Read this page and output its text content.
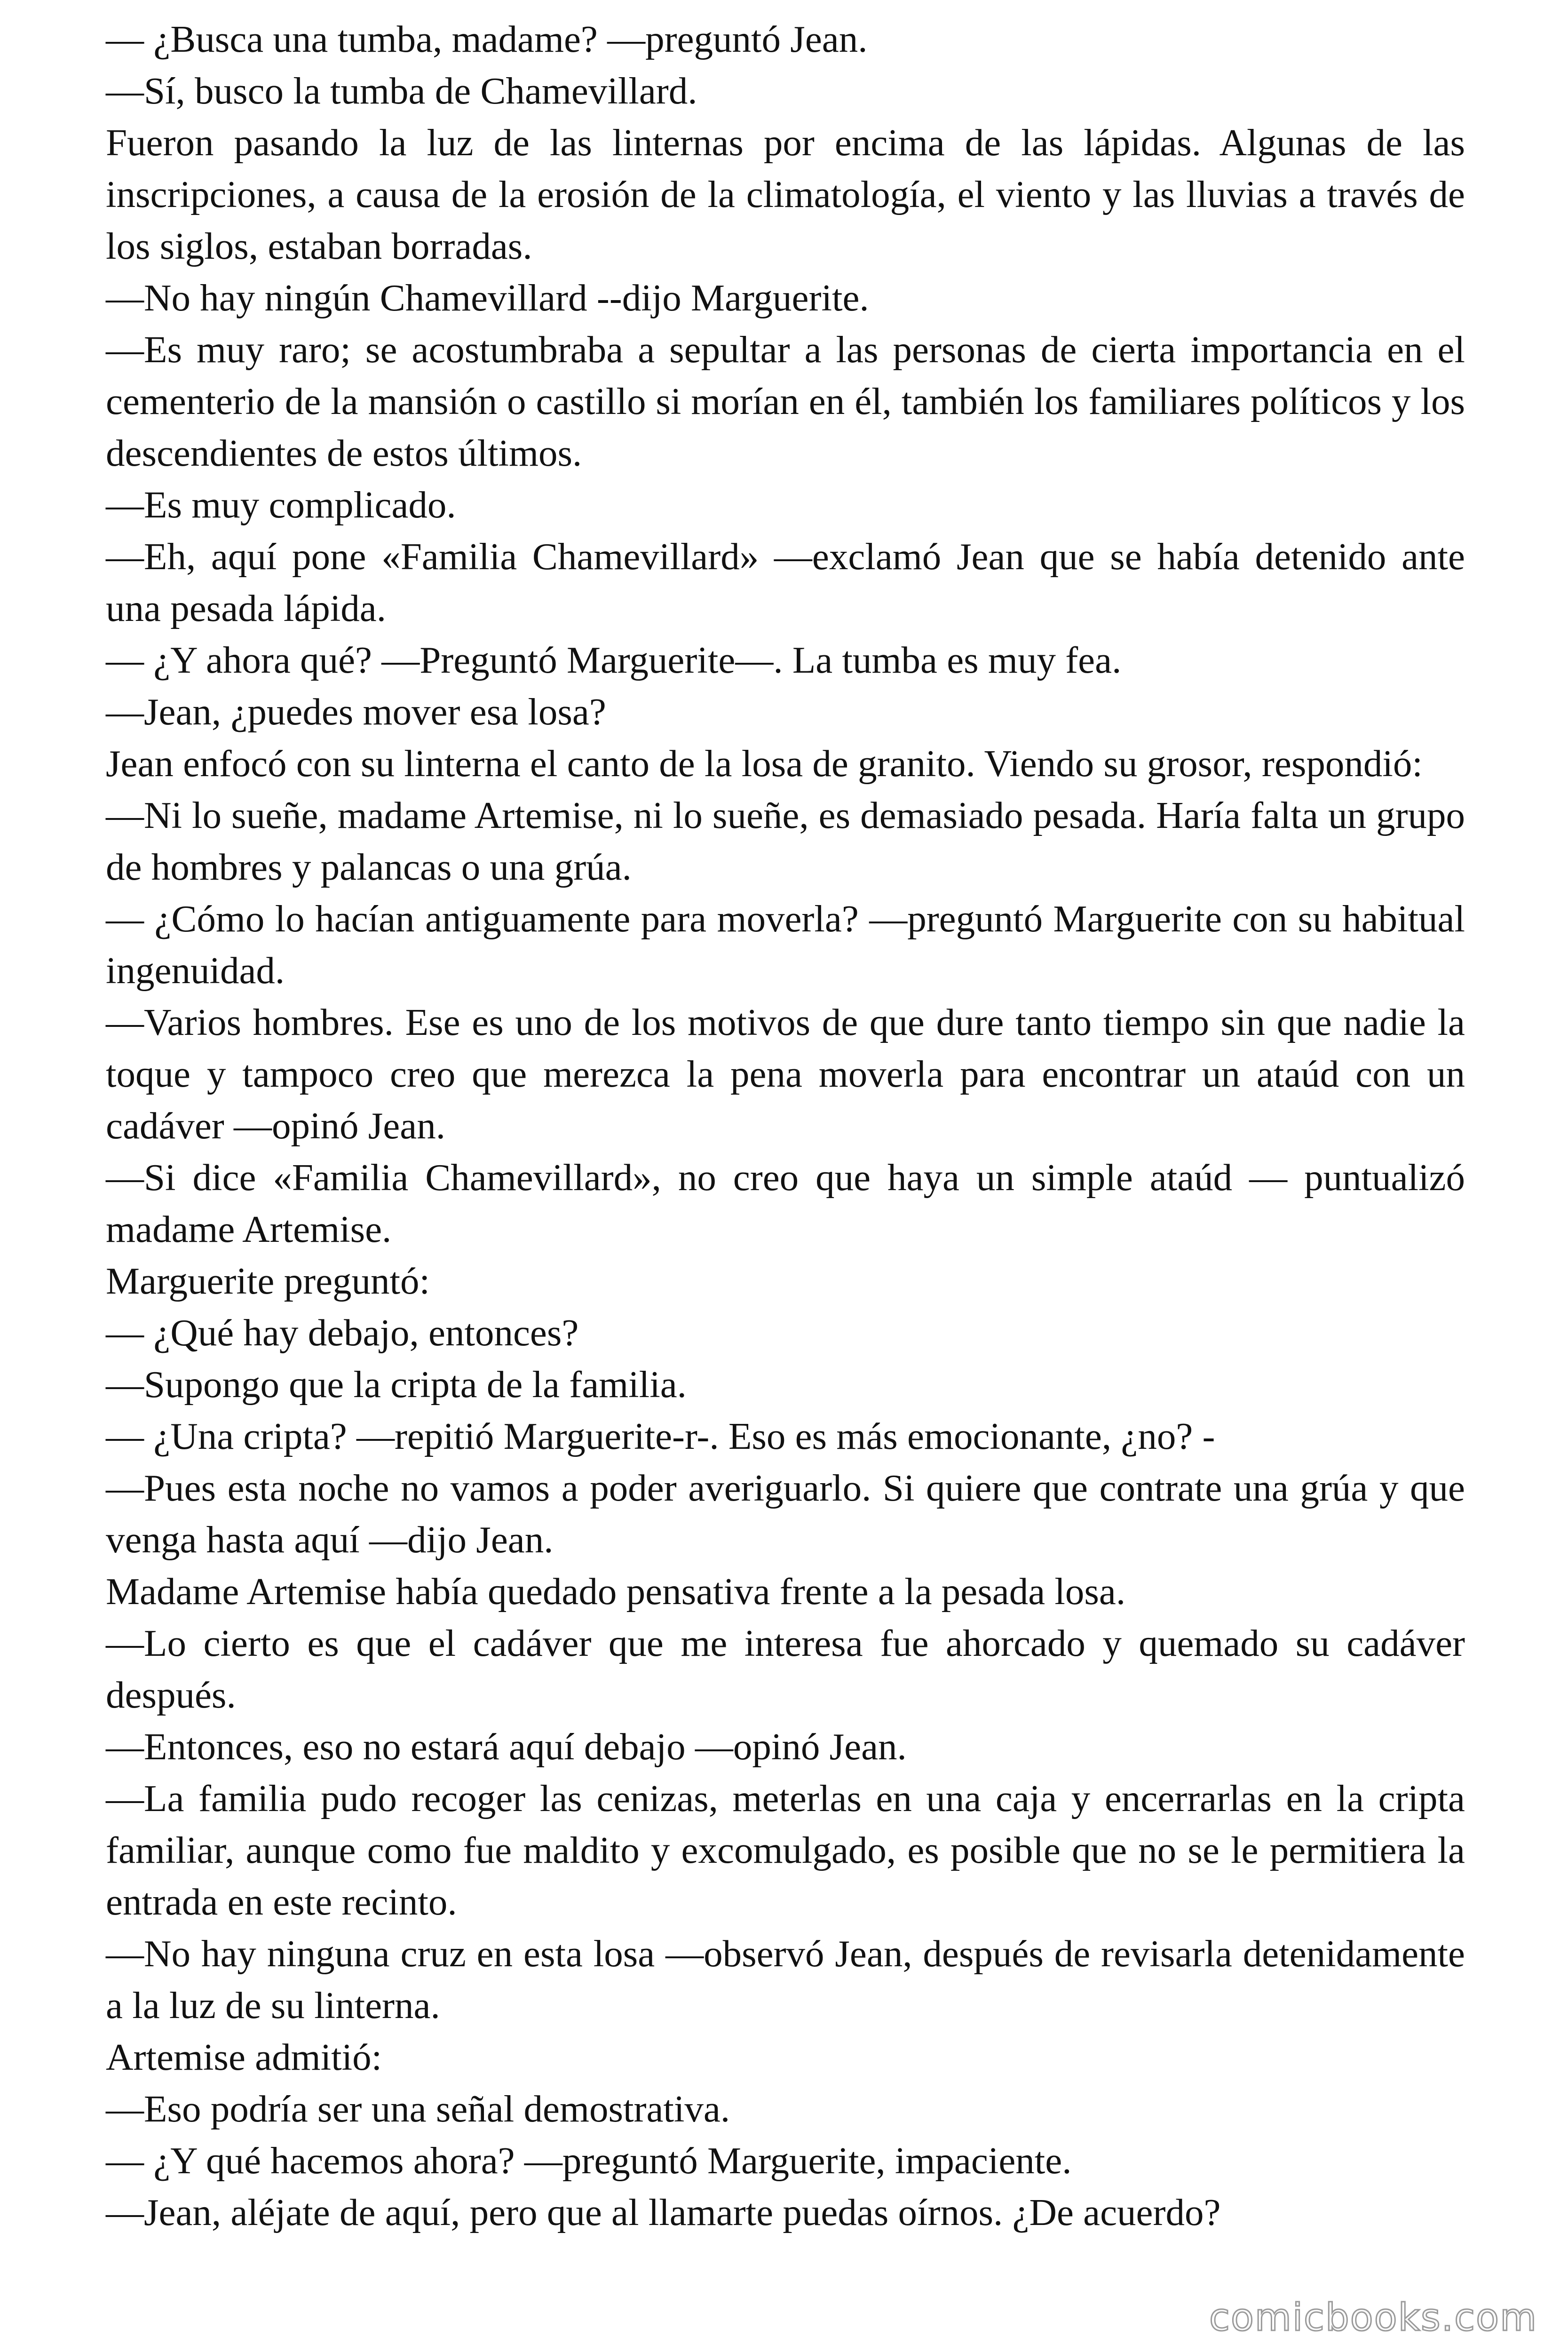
— ¿Busca una tumba, madame? —preguntó Jean.

—Sí, busco la tumba de Chamevillard.

Fueron pasando la luz de las linternas por encima de las lápidas. Algunas de las inscripciones, a causa de la erosión de la climatología, el viento y las lluvias a través de los siglos, estaban borradas.

—No hay ningún Chamevillard --dijo Marguerite.

—Es muy raro; se acostumbraba a sepultar a las personas de cierta importancia en el cementerio de la mansión o castillo si morían en él, también los familiares políticos y los descendientes de estos últimos.

—Es muy complicado.

—Eh, aquí pone «Familia Chamevillard» —exclamó Jean que se había detenido ante una pesada lápida.

— ¿Y ahora qué? —Preguntó Marguerite—. La tumba es muy fea.

—Jean, ¿puedes mover esa losa?

Jean enfocó con su linterna el canto de la losa de granito. Viendo su grosor, respondió:

—Ni lo sueñe, madame Artemise, ni lo sueñe, es demasiado pesada. Haría falta un grupo de hombres y palancas o una grúa.

— ¿Cómo lo hacían antiguamente para moverla? —preguntó Marguerite con su habitual ingenuidad.

—Varios hombres. Ese es uno de los motivos de que dure tanto tiempo sin que nadie la toque y tampoco creo que merezca la pena moverla para encontrar un ataúd con un cadáver —opinó Jean.

—Si dice «Familia Chamevillard», no creo que haya un simple ataúd — puntualizó madame Artemise.

Marguerite preguntó:

— ¿Qué hay debajo, entonces?

—Supongo que la cripta de la familia.

— ¿Una cripta? —repitió Marguerite-r-. Eso es más emocionante, ¿no? -

—Pues esta noche no vamos a poder averiguarlo. Si quiere que contrate una grúa y que venga hasta aquí —dijo Jean.

Madame Artemise había quedado pensativa frente a la pesada losa.

—Lo cierto es que el cadáver que me interesa fue ahorcado y quemado su cadáver después.

—Entonces, eso no estará aquí debajo —opinó Jean.

—La familia pudo recoger las cenizas, meterlas en una caja y encerrarlas en la cripta familiar, aunque como fue maldito y excomulgado, es posible que no se le permitiera la entrada en este recinto.

—No hay ninguna cruz en esta losa —observó Jean, después de revisarla detenidamente a la luz de su linterna.

Artemise admitió:

—Eso podría ser una señal demostrativa.

— ¿Y qué hacemos ahora? —preguntó Marguerite, impaciente.

—Jean, aléjate de aquí, pero que al llamarte puedas oírnos. ¿De acuerdo?

comicbooks.com
